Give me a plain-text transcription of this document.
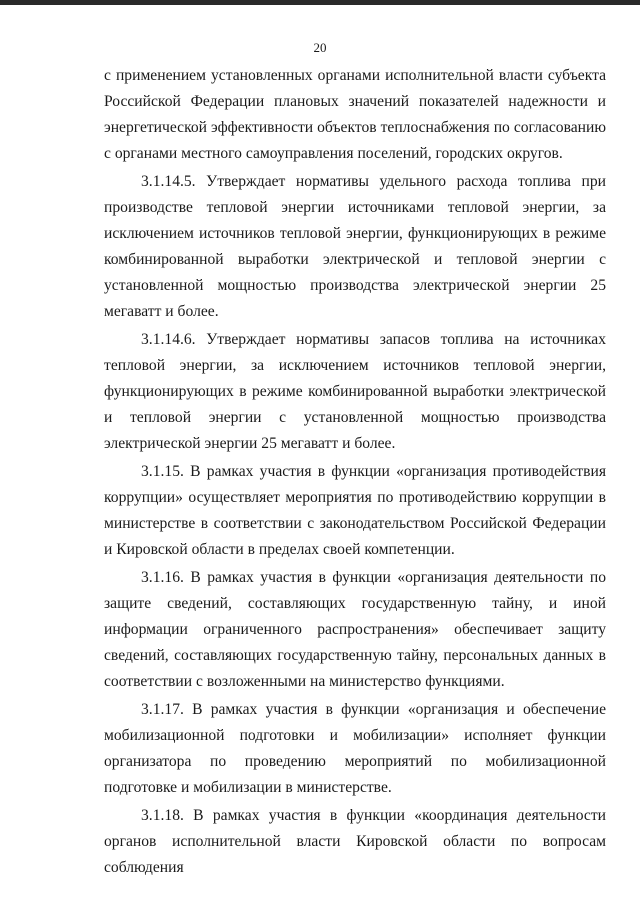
20

с применением установленных органами исполнительной власти субъекта Российской Федерации плановых значений показателей надежности и энергетической эффективности объектов теплоснабжения по согласованию с органами местного самоуправления поселений, городских округов.

3.1.14.5. Утверждает нормативы удельного расхода топлива при производстве тепловой энергии источниками тепловой энергии, за исключением источников тепловой энергии, функционирующих в режиме комбинированной выработки электрической и тепловой энергии с установленной мощностью производства электрической энергии 25 мегаватт и более.

3.1.14.6. Утверждает нормативы запасов топлива на источниках тепловой энергии, за исключением источников тепловой энергии, функционирующих в режиме комбинированной выработки электрической и тепловой энергии с установленной мощностью производства электрической энергии 25 мегаватт и более.

3.1.15. В рамках участия в функции «организация противодействия коррупции» осуществляет мероприятия по противодействию коррупции в министерстве в соответствии с законодательством Российской Федерации и Кировской области в пределах своей компетенции.

3.1.16. В рамках участия в функции «организация деятельности по защите сведений, составляющих государственную тайну, и иной информации ограниченного распространения» обеспечивает защиту сведений, составляющих государственную тайну, персональных данных в соответствии с возложенными на министерство функциями.

3.1.17. В рамках участия в функции «организация и обеспечение мобилизационной подготовки и мобилизации» исполняет функции организатора по проведению мероприятий по мобилизационной подготовке и мобилизации в министерстве.

3.1.18. В рамках участия в функции «координация деятельности органов исполнительной власти Кировской области по вопросам соблюдения
